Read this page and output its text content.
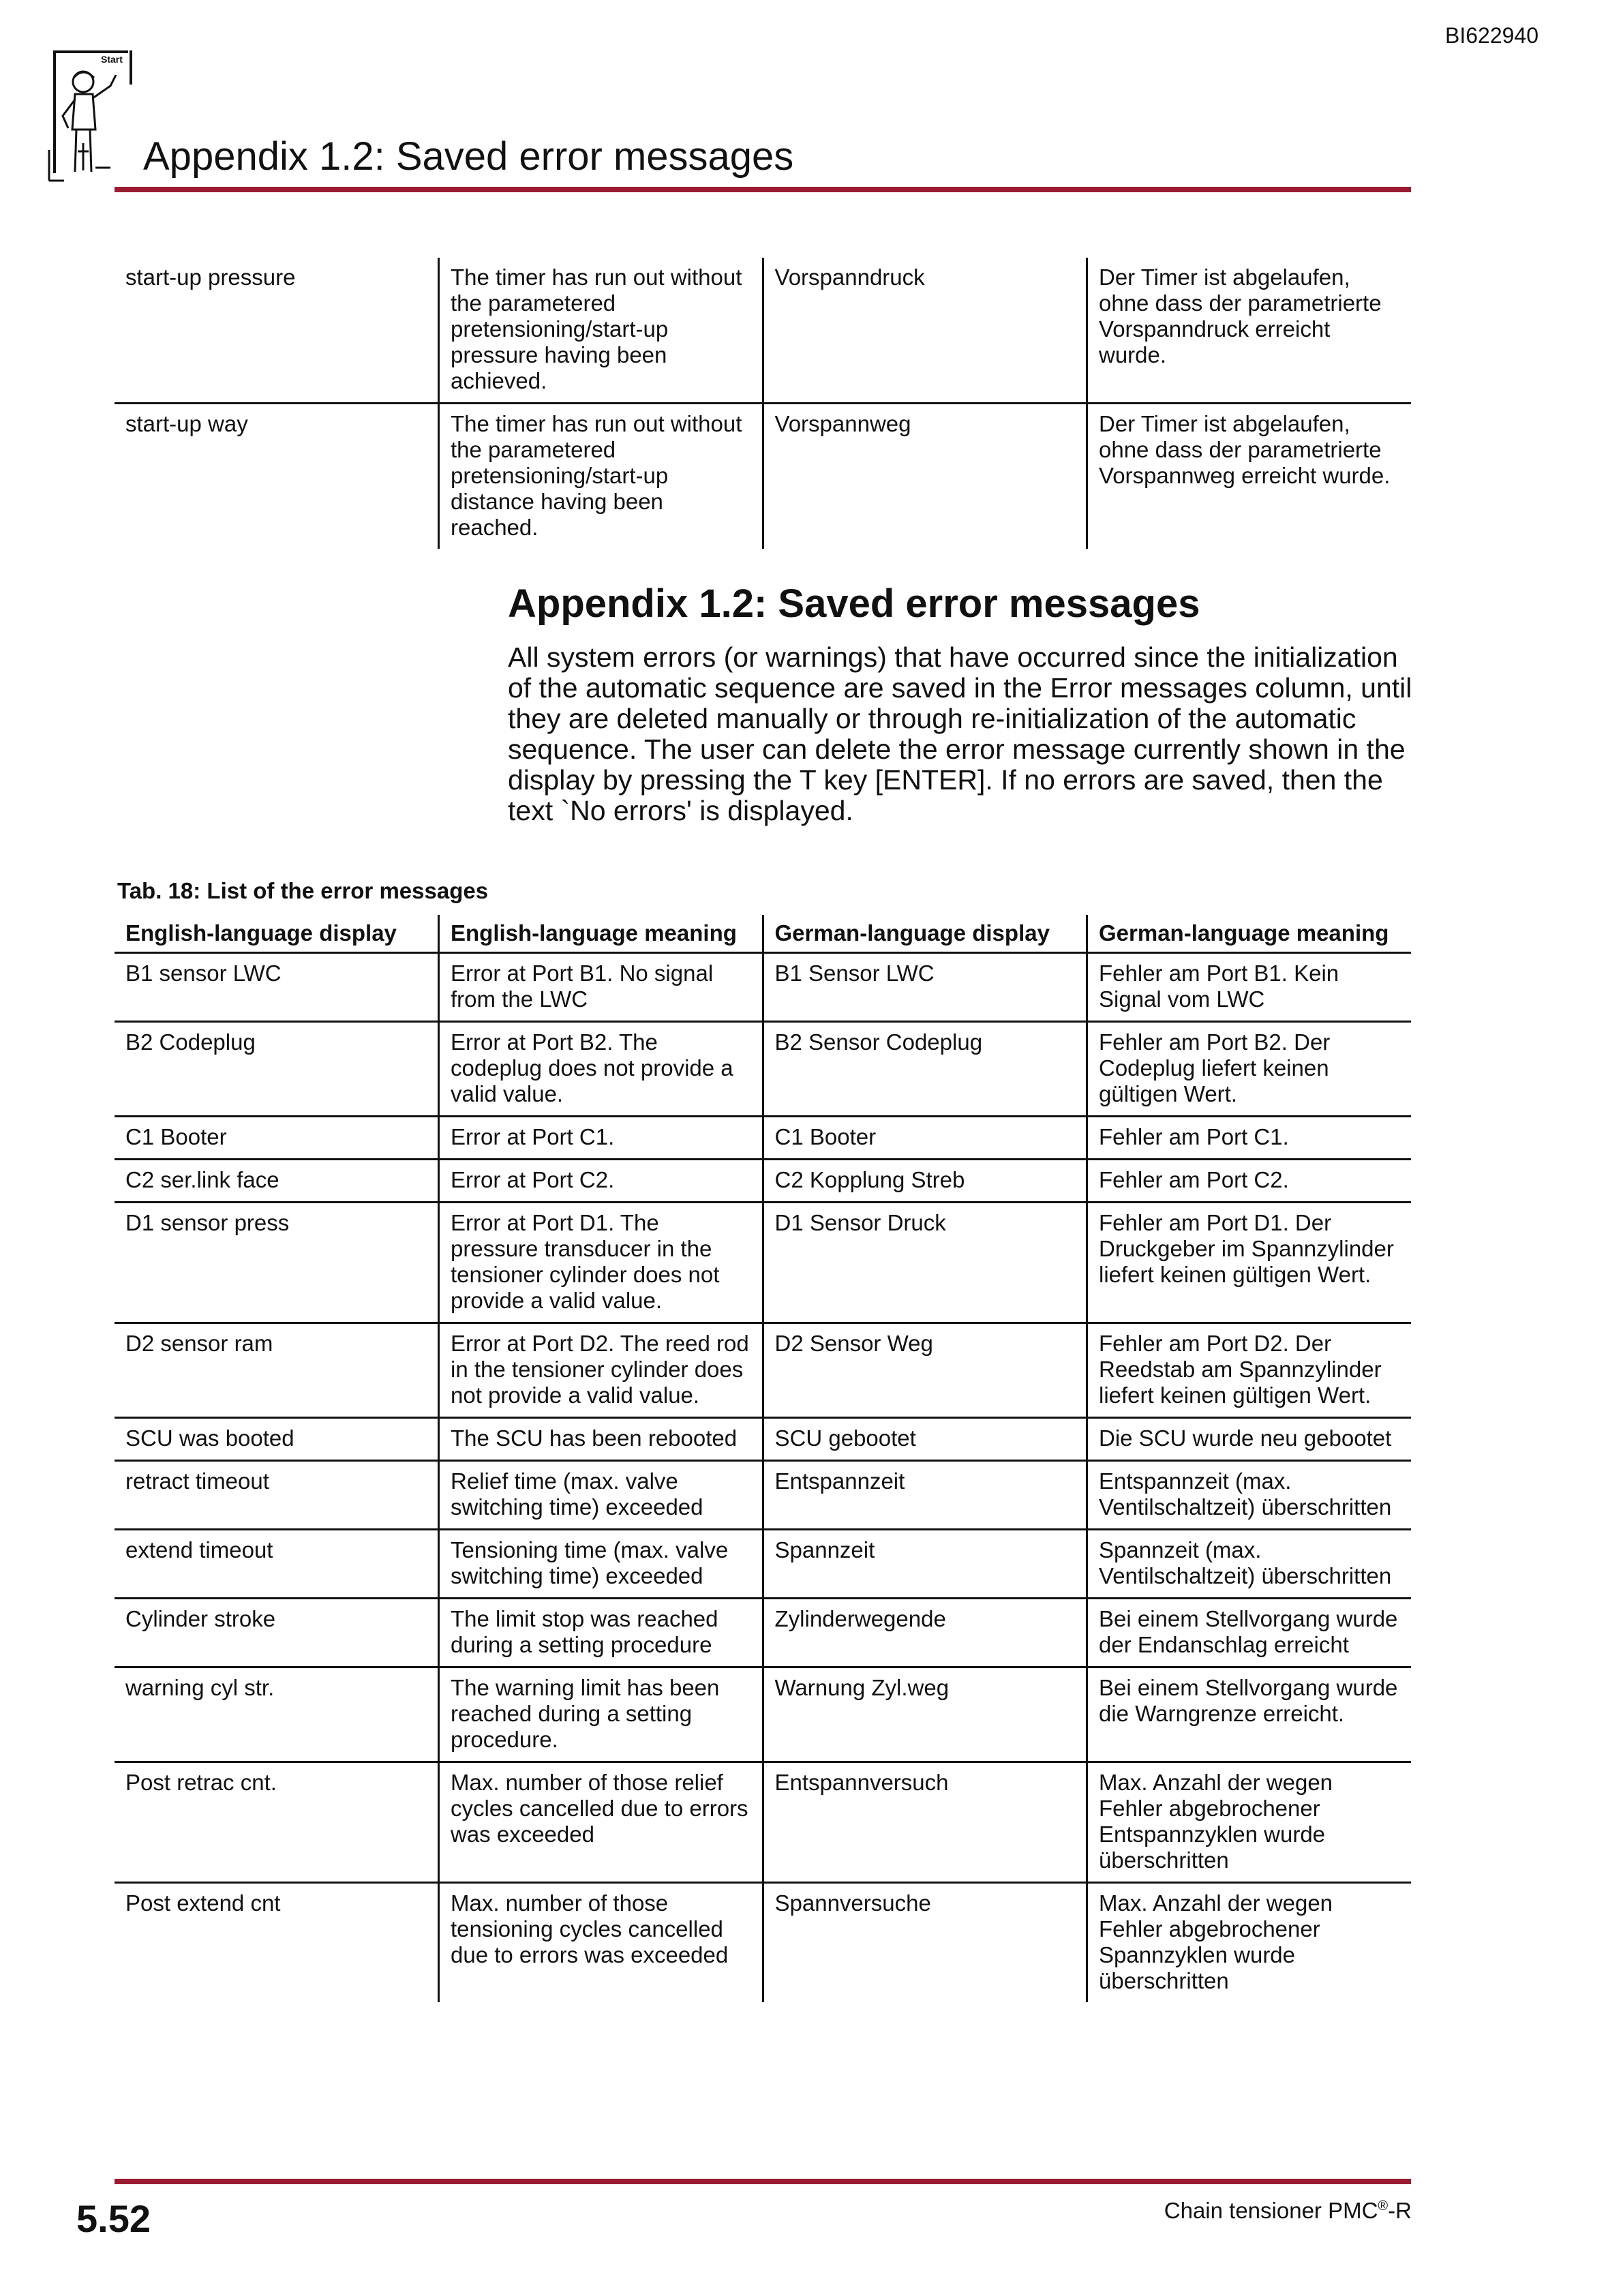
BI622940
Start
Appendix 1.2: Saved error messages
start-up pressure	The timer has run out without the parametered pretensioning/start-up pressure having been achieved.	Vorspanndruck	Der Timer ist abgelaufen, ohne dass der parametrierte Vorspanndruck erreicht wurde.
start-up way	The timer has run out without the parametered pretensioning/start-up distance having been reached.	Vorspannweg	Der Timer ist abgelaufen, ohne dass der parametrierte Vorspannweg erreicht wurde.
Appendix 1.2: Saved error messages
All system errors (or warnings) that have occurred since the initialization of the automatic sequence are saved in the Error messages column, until they are deleted manually or through re-initialization of the automatic sequence. The user can delete the error message currently shown in the display by pressing the T key [ENTER]. If no errors are saved, then the text `No errors' is displayed.
Tab. 18: List of the error messages
English-language display	English-language meaning	German-language display	German-language meaning
B1 sensor LWC	Error at Port B1. No signal from the LWC	B1 Sensor LWC	Fehler am Port B1. Kein Signal vom LWC
B2 Codeplug	Error at Port B2. The codeplug does not provide a valid value.	B2 Sensor Codeplug	Fehler am Port B2. Der Codeplug liefert keinen gültigen Wert.
C1 Booter	Error at Port C1.	C1 Booter	Fehler am Port C1.
C2 ser.link face	Error at Port C2.	C2 Kopplung Streb	Fehler am Port C2.
D1 sensor press	Error at Port D1. The pressure transducer in the tensioner cylinder does not provide a valid value.	D1 Sensor Druck	Fehler am Port D1. Der Druckgeber im Spannzylinder liefert keinen gültigen Wert.
D2 sensor ram	Error at Port D2. The reed rod in the tensioner cylinder does not provide a valid value.	D2 Sensor Weg	Fehler am Port D2. Der Reedstab am Spannzylinder liefert keinen gültigen Wert.
SCU was booted	The SCU has been rebooted	SCU gebootet	Die SCU wurde neu gebootet
retract timeout	Relief time (max. valve switching time) exceeded	Entspannzeit	Entspannzeit (max. Ventilschaltzeit) überschritten
extend timeout	Tensioning time (max. valve switching time) exceeded	Spannzeit	Spannzeit (max. Ventilschaltzeit) überschritten
Cylinder stroke	The limit stop was reached during a setting procedure	Zylinderwegende	Bei einem Stellvorgang wurde der Endanschlag erreicht
warning cyl str.	The warning limit has been reached during a setting procedure.	Warnung Zyl.weg	Bei einem Stellvorgang wurde die Warngrenze erreicht.
Post retrac cnt.	Max. number of those relief cycles cancelled due to errors was exceeded	Entspannversuch	Max. Anzahl der wegen Fehler abgebrochener Entspannzyklen wurde überschritten
Post extend cnt	Max. number of those tensioning cycles cancelled due to errors was exceeded	Spannversuche	Max. Anzahl der wegen Fehler abgebrochener Spannzyklen wurde überschritten
5.52	Chain tensioner PMC®-R
